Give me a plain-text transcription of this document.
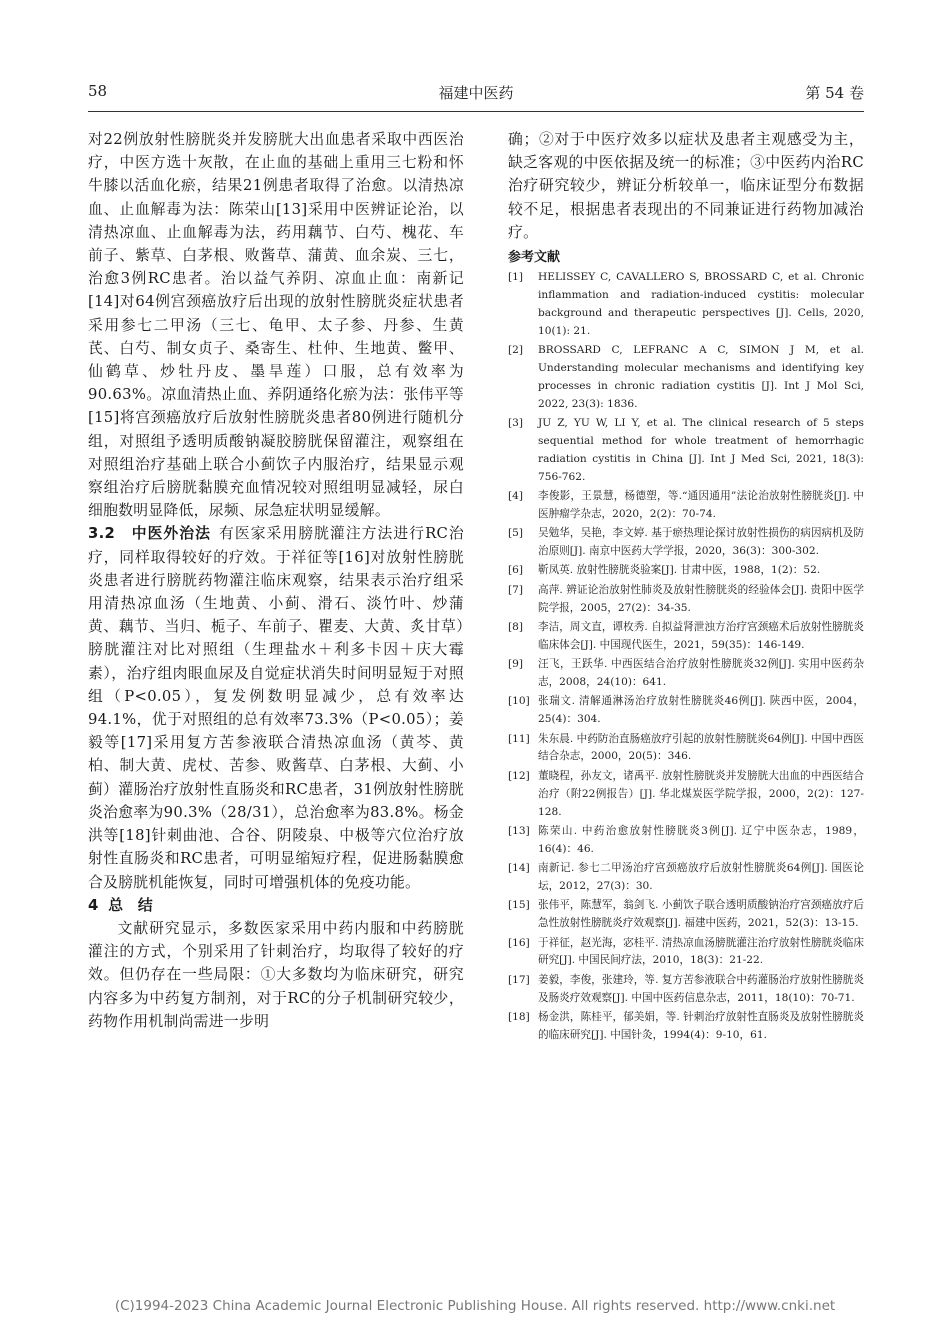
58	福建中医药	第 54 卷

对22例放射性膀胱炎并发膀胱大出血患者采取中西医治疗，中医方选十灰散，在止血的基础上重用三七粉和怀牛膝以活血化瘀，结果21例患者取得了治愈。以清热凉血、止血解毒为法：陈荣山[13]采用中医辨证论治，以清热凉血、止血解毒为法，药用藕节、白芍、槐花、车前子、紫草、白茅根、败酱草、蒲黄、血余炭、三七，治愈3例RC患者。治以益气养阴、凉血止血：南新记[14]对64例宫颈癌放疗后出现的放射性膀胱炎症状患者采用参七二甲汤（三七、龟甲、太子参、丹参、生黄芪、白芍、制女贞子、桑寄生、杜仲、生地黄、鳖甲、仙鹤草、炒牡丹皮、墨旱莲）口服，总有效率为90.63%。凉血清热止血、养阴通络化瘀为法：张伟平等[15]将宫颈癌放疗后放射性膀胱炎患者80例进行随机分组，对照组予透明质酸钠凝胶膀胱保留灌注，观察组在对照组治疗基础上联合小蓟饮子内服治疗，结果显示观察组治疗后膀胱黏膜充血情况较对照组明显减轻，尿白细胞数明显降低，尿频、尿急症状明显缓解。

3.2　中医外治法 有医家采用膀胱灌注方法进行RC治疗，同样取得较好的疗效。于祥征等[16]对放射性膀胱炎患者进行膀胱药物灌注临床观察，结果表示治疗组采用清热凉血汤（生地黄、小蓟、滑石、淡竹叶、炒蒲黄、藕节、当归、栀子、车前子、瞿麦、大黄、炙甘草）膀胱灌注对比对照组（生理盐水＋利多卡因＋庆大霉素），治疗组肉眼血尿及自觉症状消失时间明显短于对照组（P<0.05），复发例数明显减少，总有效率达94.1%，优于对照组的总有效率73.3%（P<0.05）；姜毅等[17]采用复方苦参液联合清热凉血汤（黄芩、黄柏、制大黄、虎杖、苦参、败酱草、白茅根、大蓟、小蓟）灌肠治疗放射性直肠炎和RC患者，31例放射性膀胱炎治愈率为90.3%（28/31），总治愈率为83.8%。杨金洪等[18]针刺曲池、合谷、阴陵泉、中极等穴位治疗放射性直肠炎和RC患者，可明显缩短疗程，促进肠黏膜愈合及膀胱机能恢复，同时可增强机体的免疫功能。

4 总　结

文献研究显示，多数医家采用中药内服和中药膀胱灌注的方式，个别采用了针刺治疗，均取得了较好的疗效。但仍存在一些局限：①大多数均为临床研究，研究内容多为中药复方制剂，对于RC的分子机制研究较少，药物作用机制尚需进一步明

确；②对于中医疗效多以症状及患者主观感受为主，缺乏客观的中医依据及统一的标准；③中医药内治RC治疗研究较少，辨证分析较单一，临床证型分布数据较不足，根据患者表现出的不同兼证进行药物加减治疗。

参考文献
[1]	HELISSEY C, CAVALLERO S, BROSSARD C, et al. Chronic inflammation and radiation-induced cystitis: molecular background and therapeutic perspectives [J]. Cells, 2020, 10(1): 21.
[2]	BROSSARD C, LEFRANC A C, SIMON J M, et al. Understanding molecular mechanisms and identifying key processes in chronic radiation cystitis [J]. Int J Mol Sci, 2022, 23(3): 1836.
[3]	JU Z, YU W, LI Y, et al. The clinical research of 5 steps sequential method for whole treatment of hemorrhagic radiation cystitis in China [J]. Int J Med Sci, 2021, 18(3): 756-762.
[4]	李俊影，王景慧，杨德塑，等.“通因通用”法论治放射性膀胱炎[J]. 中医肿瘤学杂志，2020，2(2)：70-74.
[5]	吴勉华，吴艳，李文婷. 基于瘀热理论探讨放射性损伤的病因病机及防治原则[J]. 南京中医药大学学报，2020，36(3)：300-302.
[6]	靳凤英. 放射性膀胱炎验案[J]. 甘肃中医，1988，1(2)：52.
[7]	高萍. 辨证论治放射性肺炎及放射性膀胱炎的经验体会[J]. 贵阳中医学院学报，2005，27(2)：34-35.
[8]	李洁，周文直，谭枚秀. 自拟益肾泄浊方治疗宫颈癌术后放射性膀胱炎临床体会[J]. 中国现代医生，2021，59(35)：146-149.
[9]	汪飞，王跃华. 中西医结合治疗放射性膀胱炎32例[J]. 实用中医药杂志，2008，24(10)：641.
[10] 张瑞文. 清解通淋汤治疗放射性膀胱炎46例[J]. 陕西中医，2004，25(4)：304.
[11] 朱东晨. 中药防治直肠癌放疗引起的放射性膀胱炎64例[J]. 中国中西医结合杂志，2000，20(5)：346.
[12] 董晓程，孙友文，诸禹平. 放射性膀胱炎并发膀胱大出血的中西医结合治疗（附22例报告）[J]. 华北煤炭医学院学报，2000，2(2)：127-128.
[13] 陈荣山. 中药治愈放射性膀胱炎3例[J]. 辽宁中医杂志，1989，16(4)：46.
[14] 南新记. 参七二甲汤治疗宫颈癌放疗后放射性膀胱炎64例[J]. 国医论坛，2012，27(3)：30.
[15] 张伟平，陈慧军，翁剑飞. 小蓟饮子联合透明质酸钠治疗宫颈癌放疗后急性放射性膀胱炎疗效观察[J]. 福建中医药，2021，52(3)：13-15.
[16] 于祥征，赵光海，宓桂平. 清热凉血汤膀胱灌注治疗放射性膀胱炎临床研究[J]. 中国民间疗法，2010，18(3)：21-22.
[17] 姜毅，李俊，张建玲，等. 复方苦参液联合中药灌肠治疗放射性膀胱炎及肠炎疗效观察[J]. 中国中医药信息杂志，2011，18(10)：70-71.
[18] 杨金洪，陈桂平，郁美娟，等. 针刺治疗放射性直肠炎及放射性膀胱炎的临床研究[J]. 中国针灸，1994(4)：9-10，61.
(C)1994-2023 China Academic Journal Electronic Publishing House. All rights reserved. http://www.cnki.net
